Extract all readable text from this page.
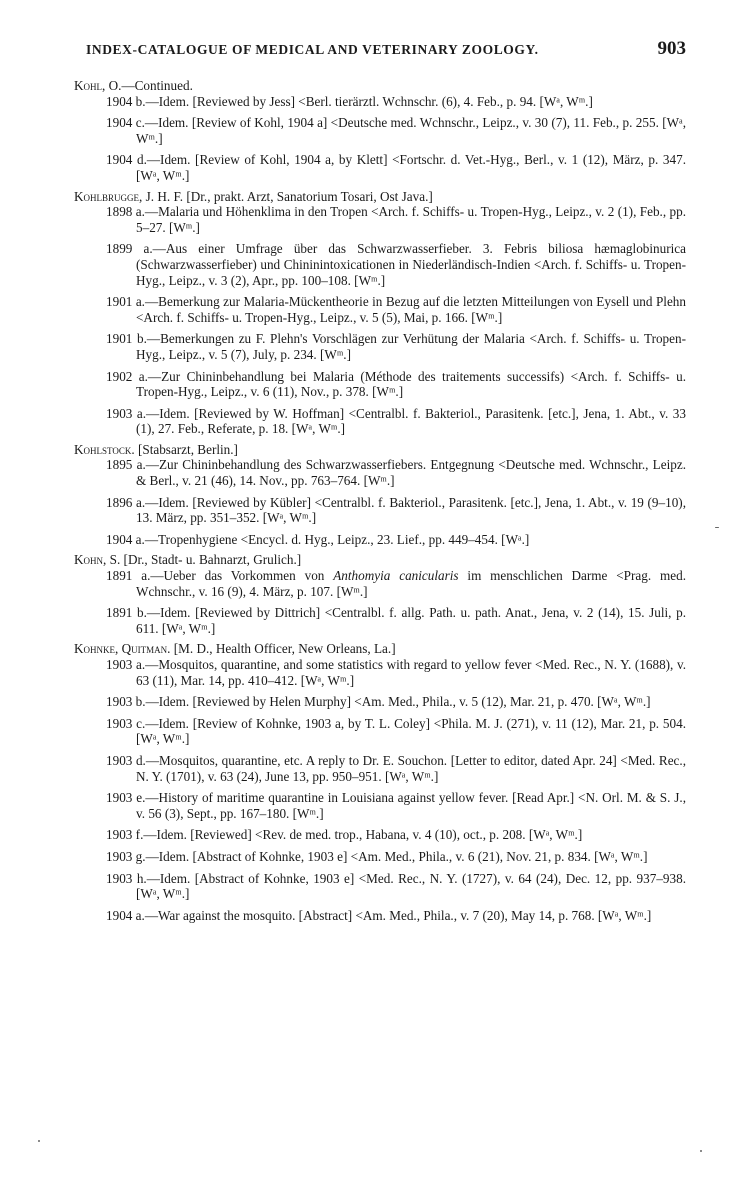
INDEX-CATALOGUE OF MEDICAL AND VETERINARY ZOOLOGY.	903
Kohl, O.—Continued.
1904 b.—Idem. [Reviewed by Jess] <Berl. tierärztl. Wchnschr. (6), 4. Feb., p. 94. [Wᵃ, Wᵐ.]
1904 c.—Idem. [Review of Kohl, 1904 a] <Deutsche med. Wchnschr., Leipz., v. 30 (7), 11. Feb., p. 255. [Wᵃ, Wᵐ.]
1904 d.—Idem. [Review of Kohl, 1904 a, by Klett] <Fortschr. d. Vet.-Hyg., Berl., v. 1 (12), März, p. 347. [Wᵃ, Wᵐ.]
Kohlbrugge, J. H. F. [Dr., prakt. Arzt, Sanatorium Tosari, Ost Java.]
1898 a.—Malaria und Höhenklima in den Tropen <Arch. f. Schiffs- u. Tropen-Hyg., Leipz., v. 2 (1), Feb., pp. 5–27. [Wᵐ.]
1899 a.—Aus einer Umfrage über das Schwarzwasserfieber. 3. Febris biliosa hæmaglobinurica (Schwarzwasserfieber) und Chininintoxicationen in Niederländisch-Indien <Arch. f. Schiffs- u. Tropen-Hyg., Leipz., v. 3 (2), Apr., pp. 100–108. [Wᵐ.]
1901 a.—Bemerkung zur Malaria-Mückentheorie in Bezug auf die letzten Mitteilungen von Eysell und Plehn <Arch. f. Schiffs- u. Tropen-Hyg., Leipz., v. 5 (5), Mai, p. 166. [Wᵐ.]
1901 b.—Bemerkungen zu F. Plehn's Vorschlägen zur Verhütung der Malaria <Arch. f. Schiffs- u. Tropen-Hyg., Leipz., v. 5 (7), July, p. 234. [Wᵐ.]
1902 a.—Zur Chininbehandlung bei Malaria (Méthode des traitements successifs) <Arch. f. Schiffs- u. Tropen-Hyg., Leipz., v. 6 (11), Nov., p. 378. [Wᵐ.]
1903 a.—Idem. [Reviewed by W. Hoffman] <Centralbl. f. Bakteriol., Parasitenk. [etc.], Jena, 1. Abt., v. 33 (1), 27. Feb., Referate, p. 18. [Wᵃ, Wᵐ.]
Kohlstock. [Stabsarzt, Berlin.]
1895 a.—Zur Chininbehandlung des Schwarzwasserfiebers. Entgegnung <Deutsche med. Wchnschr., Leipz. & Berl., v. 21 (46), 14. Nov., pp. 763–764. [Wᵐ.]
1896 a.—Idem. [Reviewed by Kübler] <Centralbl. f. Bakteriol., Parasitenk. [etc.], Jena, 1. Abt., v. 19 (9–10), 13. März, pp. 351–352. [Wᵃ, Wᵐ.]
1904 a.—Tropenhygiene <Encycl. d. Hyg., Leipz., 23. Lief., pp. 449–454. [Wᵃ.]
Kohn, S. [Dr., Stadt- u. Bahnarzt, Grulich.]
1891 a.—Ueber das Vorkommen von Anthomyia canicularis im menschlichen Darme <Prag. med. Wchnschr., v. 16 (9), 4. März, p. 107. [Wᵐ.]
1891 b.—Idem. [Reviewed by Dittrich] <Centralbl. f. allg. Path. u. path. Anat., Jena, v. 2 (14), 15. Juli, p. 611. [Wᵃ, Wᵐ.]
Kohnke, Quitman. [M. D., Health Officer, New Orleans, La.]
1903 a.—Mosquitos, quarantine, and some statistics with regard to yellow fever <Med. Rec., N. Y. (1688), v. 63 (11), Mar. 14, pp. 410–412. [Wᵃ, Wᵐ.]
1903 b.—Idem. [Reviewed by Helen Murphy] <Am. Med., Phila., v. 5 (12), Mar. 21, p. 470. [Wᵃ, Wᵐ.]
1903 c.—Idem. [Review of Kohnke, 1903 a, by T. L. Coley] <Phila. M. J. (271), v. 11 (12), Mar. 21, p. 504. [Wᵃ, Wᵐ.]
1903 d.—Mosquitos, quarantine, etc. A reply to Dr. E. Souchon. [Letter to editor, dated Apr. 24] <Med. Rec., N. Y. (1701), v. 63 (24), June 13, pp. 950–951. [Wᵃ, Wᵐ.]
1903 e.—History of maritime quarantine in Louisiana against yellow fever. [Read Apr.] <N. Orl. M. & S. J., v. 56 (3), Sept., pp. 167–180. [Wᵐ.]
1903 f.—Idem. [Reviewed] <Rev. de med. trop., Habana, v. 4 (10), oct., p. 208. [Wᵃ, Wᵐ.]
1903 g.—Idem. [Abstract of Kohnke, 1903 e] <Am. Med., Phila., v. 6 (21), Nov. 21, p. 834. [Wᵃ, Wᵐ.]
1903 h.—Idem. [Abstract of Kohnke, 1903 e] <Med. Rec., N. Y. (1727), v. 64 (24), Dec. 12, pp. 937–938. [Wᵃ, Wᵐ.]
1904 a.—War against the mosquito. [Abstract] <Am. Med., Phila., v. 7 (20), May 14, p. 768. [Wᵃ, Wᵐ.]
